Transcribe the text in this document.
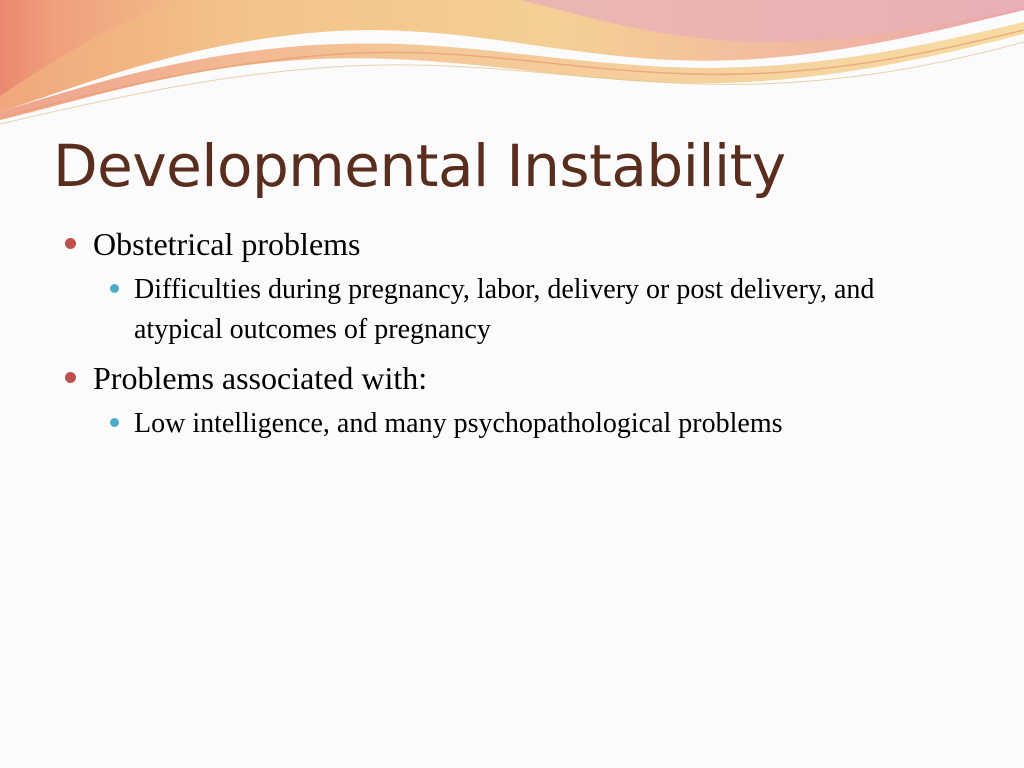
Developmental Instability
Obstetrical problems
Difficulties during pregnancy, labor, delivery or post delivery, and atypical outcomes of pregnancy
Problems associated with:
Low intelligence, and many psychopathological problems
